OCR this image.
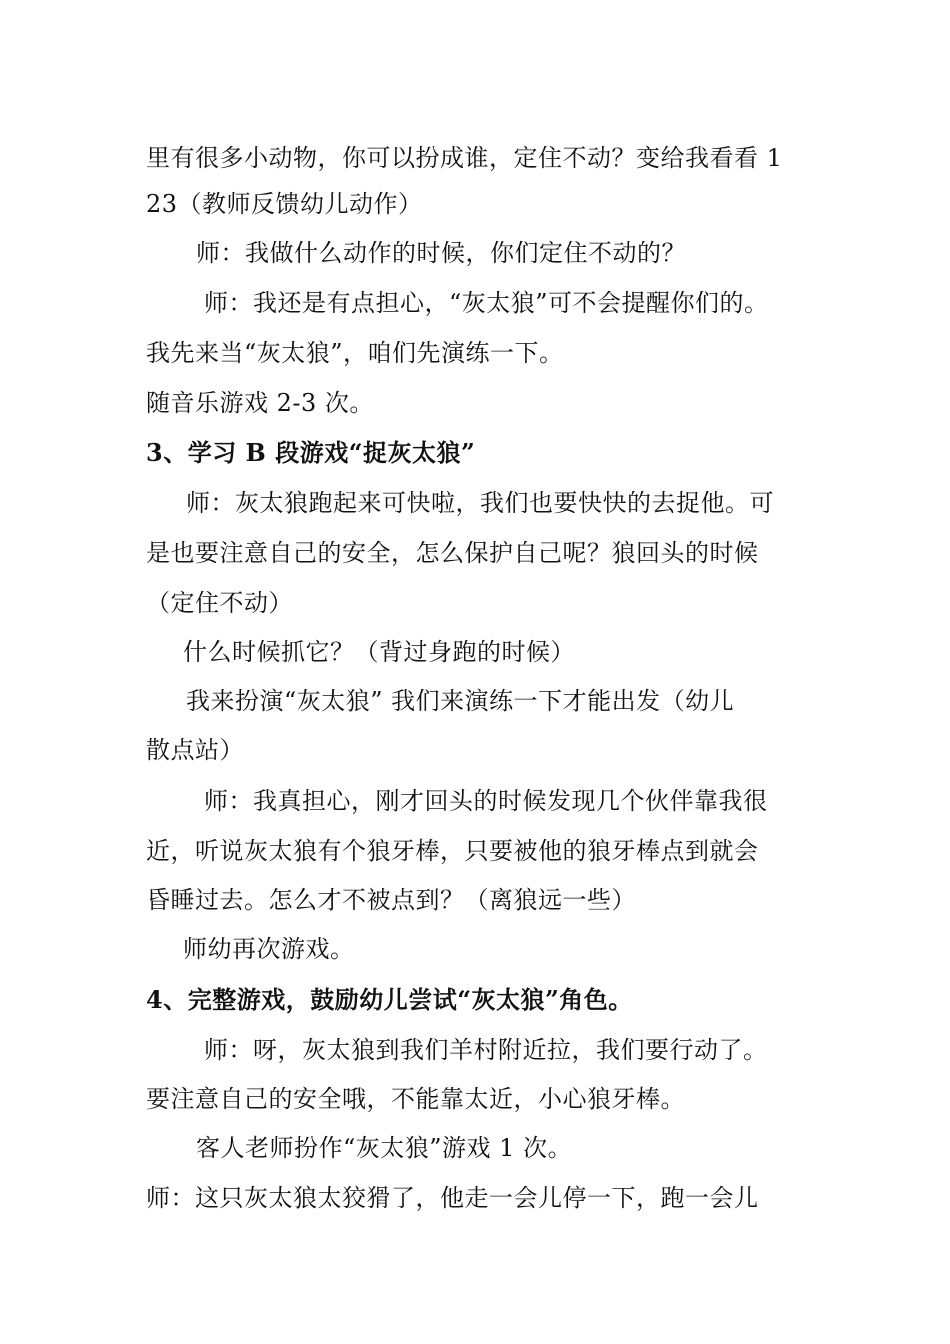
里有很多小动物，你可以扮成谁，定住不动？变给我看看 1
23（教师反馈幼儿动作）
师：我做什么动作的时候，你们定住不动的？
师：我还是有点担心，“灰太狼”可不会提醒你们的。
我先来当“灰太狼”，咱们先演练一下。
随音乐游戏 2-3 次。
3、学习 B 段游戏“捉灰太狼”
师：灰太狼跑起来可快啦，我们也要快快的去捉他。可
是也要注意自己的安全，怎么保护自己呢？狼回头的时候
（定住不动）
什么时候抓它？（背过身跑的时候）
我来扮演“灰太狼” 我们来演练一下才能出发（幼儿
散点站）
师：我真担心，刚才回头的时候发现几个伙伴靠我很
近，听说灰太狼有个狼牙棒，只要被他的狼牙棒点到就会
昏睡过去。怎么才不被点到？（离狼远一些）
师幼再次游戏。
4、完整游戏，鼓励幼儿尝试“灰太狼”角色。
师：呀，灰太狼到我们羊村附近拉，我们要行动了。
要注意自己的安全哦，不能靠太近，小心狼牙棒。
客人老师扮作“灰太狼”游戏 1 次。
师：这只灰太狼太狡猾了，他走一会儿停一下，跑一会儿
